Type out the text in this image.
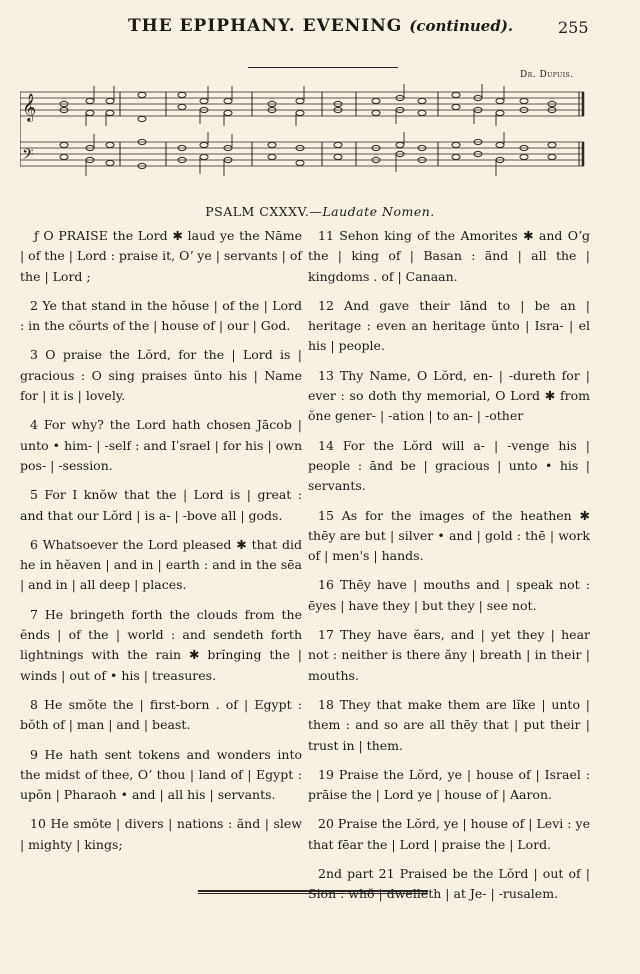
THE EPIPHANY. EVENING (continued).	255
Dr. Dupuis.
𝄞
𝄢
PSALM CXXXV.—Laudate Nomen.

ƒ O PRAISE the Lord ✱ laud ye the Nāme | of the | Lord : praise it, Oʼ ye | servants | of the | Lord ;

2 Ye that stand in the hŏuse | of the | Lord : in the cŏurts of the | house of | our | God.

3 O praise the Lŏrd, for the | Lord is | gracious : O sing praises ŭnto his | Name for | it is | lovely.

4 For why? the Lord hath chosen Jācob | unto • him- | -self : and Iˈsrael | for his | own pos- | -session.

5 For I knŏw that the | Lord is | great : and that our Lŏrd | is a- | -bove all | gods.

6 Whatsoever the Lord pleased ✱ that did he in hĕaven | and in | earth : and in the sēa | and in | all deep | places.

7 He bringeth forth the clouds from the ĕnds | of the | world : and sendeth forth lightnings with the rain ✱ brĭnging the | winds | out of • his | treasures.

8 He smŏte the | first-born . of | Egypt : bŏth of | man | and | beast.

9 He hath sent tokens and wonders into the midst of thee, Oʼ thou | land of | Egypt : upŏn | Pharaoh • and | all his | servants.

10 He smŏte | divers | nations : ănd | slew | mighty | kings;

11 Sehon king of the Amorites ✱ and Oʼg the | king of | Basan : ānd | all the | kingdoms . of | Canaan.

12 And gave their lănd to | be an | heritage : even an heritage ŭnto | Isra- | el his | people.

13 Thy Name, O Lŏrd, en- | -dureth for | ever : so doth thy memorial, O Lord ✱ from ŏne gener- | -ation | to an- | -other

14 For the Lŏrd will a- | -venge his | people : ānd be | gracious | unto • his | servants.

15 As for the images of the heathen ✱ thēy are but | silver • and | gold : thē | work of | men's | hands.

16 Thēy have | mouths and | speak not : ēyes | have they | but they | see not.

17 They have ĕars, and | yet they | hear not : neither is there ăny | breath | in their | mouths.

18 They that make them are lĭke | unto | them : and so are all thēy that | put their | trust in | them.

19 Praise the Lŏrd, ye | house of | Israel : prāise the | Lord ye | house of | Aaron.

20 Praise the Lŏrd, ye | house of | Levi : ye that fēar the | Lord | praise the | Lord.

2nd part 21 Praised be the Lŏrd | out of | Sion : whŏ | dwelleth | at Je- | -rusalem.
